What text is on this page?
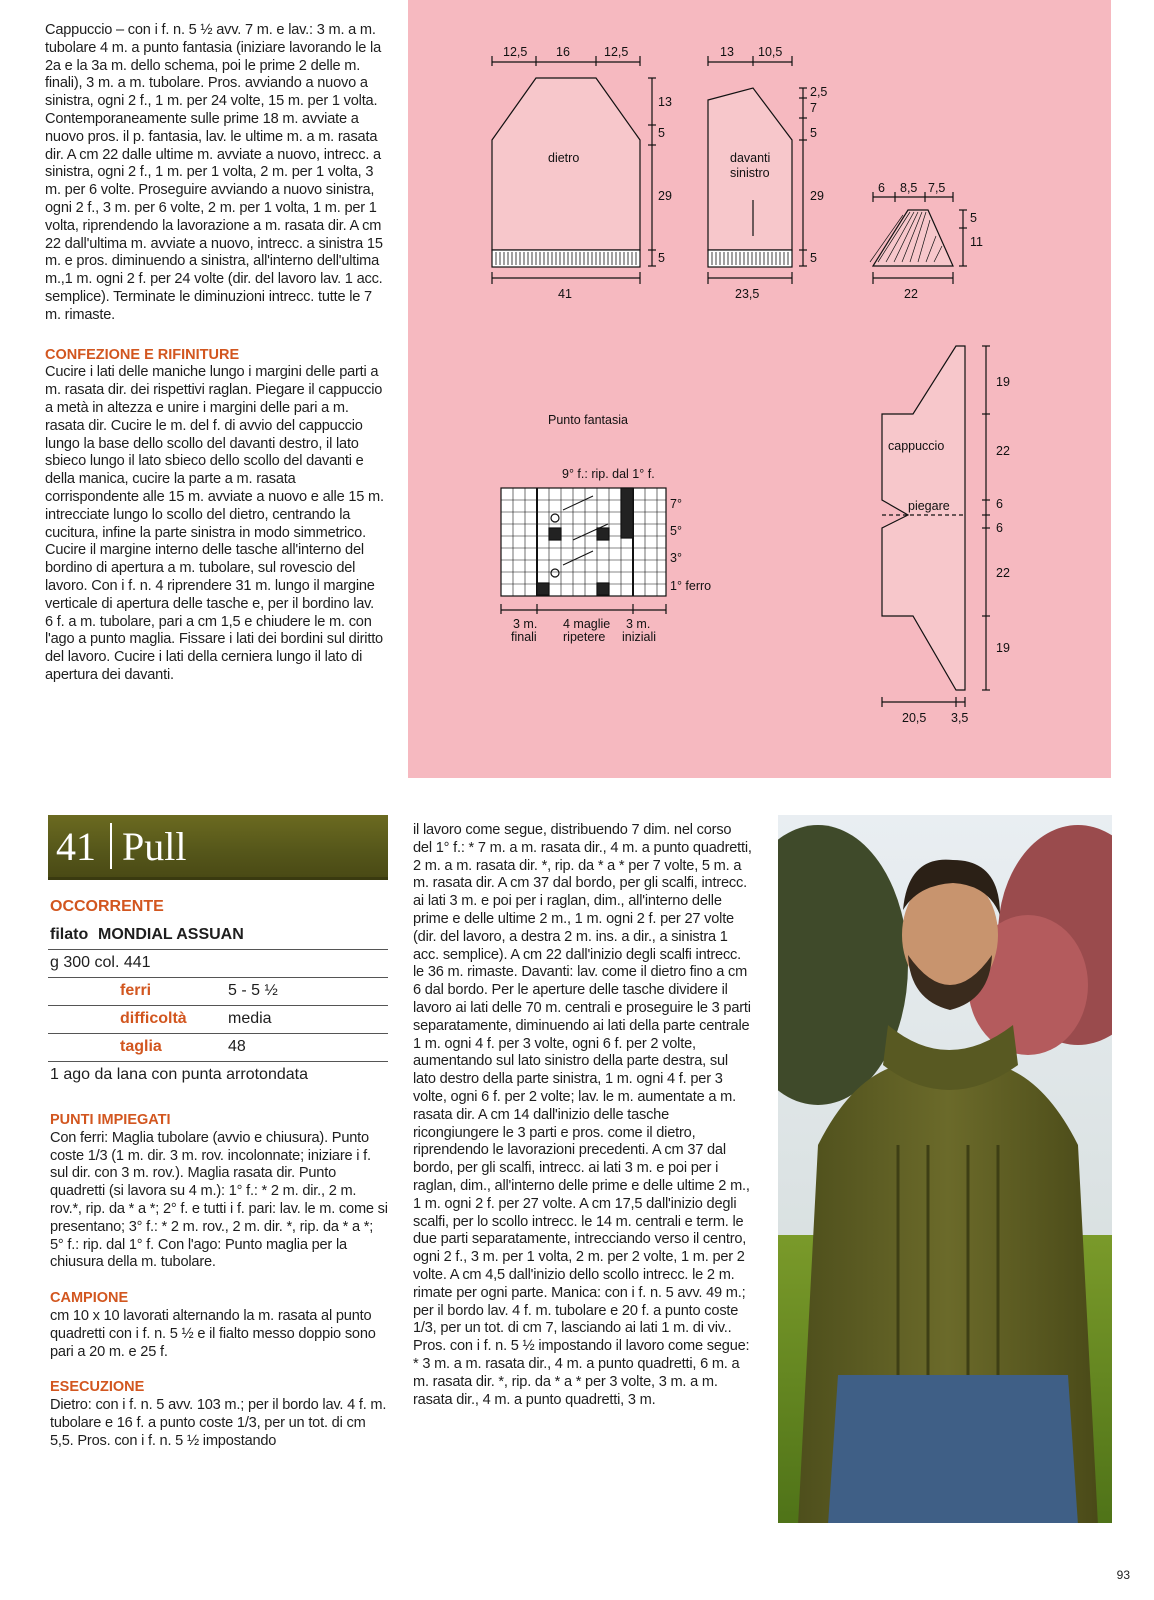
Cappuccio – con i f. n. 5 ½ avv. 7 m. e lav.: 3 m. a m. tubolare 4 m. a punto fantasia (iniziare lavorando le la 2a e la 3a m. dello schema, poi le prime 2 delle m. finali), 3 m. a m. tubolare. Pros. avviando a nuovo a sinistra, ogni 2 f., 1 m. per 24 volte, 15 m. per 1 volta. Contemporaneamente sulle prime 18 m. avviate a nuovo pros. il p. fantasia, lav. le ultime m. a m. rasata dir. A cm 22 dalle ultime m. avviate a nuovo, intrecc. a sinistra, ogni 2 f., 1 m. per 1 volta, 2 m. per 1 volta, 3 m. per 6 volte. Proseguire avviando a nuovo sinistra, ogni 2 f., 3 m. per 6 volte, 2 m. per 1 volta, 1 m. per 1 volta, riprendendo la lavorazione a m. rasata dir. A cm 22 dall'ultima m. avviate a nuovo, intrecc. a sinistra 15 m. e pros. diminuendo a sinistra, all'interno dell'ultima m.,1 m. ogni 2 f. per 24 volte (dir. del lavoro lav. 1 acc. semplice). Terminate le diminuzioni intrecc. tutte le 7 m. rimaste.

CONFEZIONE E RIFINITURE

Cucire i lati delle maniche lungo i margini delle parti a m. rasata dir. dei rispettivi raglan. Piegare il cappuccio a metà in altezza e unire i margini delle pari a m. rasata dir. Cucire le m. del f. di avvio del cappuccio lungo la base dello scollo del davanti destro, il lato sbieco lungo il lato sbieco dello scollo del davanti e della manica, cucire la parte a m. rasata corrispondente alle 15 m. avviate a nuovo e alle 15 m. intrecciate lungo lo scollo del dietro, centrando la cucitura, infine la parte sinistra in modo simmetrico. Cucire il margine interno delle tasche all'interno del bordino di apertura a m. tubolare, sul rovescio del lavoro. Con i f. n. 4 riprendere 31 m. lungo il margine verticale di apertura delle tasche e, per il bordino lav. 6 f. a m. tubolare, pari a cm 1,5 e chiudere le m. con l'ago a punto maglia. Fissare i lati dei bordini sul diritto del lavoro. Cucire i lati della cerniera lungo il lato di apertura dei davanti.

12,5 16	12,5
dietro
13
5
29
5
41
13 10,5
davanti
sinistro
2,5
7
5
29
5
23,5
6 8,5 7,5
5
11
22
cappuccio
piegare
19
22
6
6
22
19
20,5 3,5
Punto fantasia
9° f.: rip. dal 1° f.
7°
5°
3°
1° ferro
3 m.
finali
4 maglie
ripetere
3 m.
iniziali
41 Pull

OCCORRENTE

filato MONDIAL ASSUAN
g 300 col. 441
ferri	5 - 5 ½
difficoltà	media
taglia	48
1 ago da lana con punta arrotondata

PUNTI IMPIEGATI

Con ferri: Maglia tubolare (avvio e chiusura). Punto coste 1/3 (1 m. dir. 3 m. rov. incolonnate; iniziare i f. sul dir. con 3 m. rov.). Maglia rasata dir. Punto quadretti (si lavora su 4 m.): 1° f.: * 2 m. dir., 2 m. rov.*, rip. da * a *; 2° f. e tutti i f. pari: lav. le m. come si presentano; 3° f.: * 2 m. rov., 2 m. dir. *, rip. da * a *; 5° f.: rip. dal 1° f. Con l'ago: Punto maglia per la chiusura della m. tubolare.

CAMPIONE

cm 10 x 10 lavorati alternando la m. rasata al punto quadretti con i f. n. 5 ½ e il fialto messo doppio sono pari a 20 m. e 25 f.

ESECUZIONE

Dietro: con i f. n. 5 avv. 103 m.; per il bordo lav. 4 f. m. tubolare e 16 f. a punto coste 1/3, per un tot. di cm 5,5. Pros. con i f. n. 5 ½ impostando

il lavoro come segue, distribuendo 7 dim. nel corso del 1° f.: * 7 m. a m. rasata dir., 4 m. a punto quadretti, 2 m. a m. rasata dir. *, rip. da * a * per 7 volte, 5 m. a m. rasata dir. A cm 37 dal bordo, per gli scalfi, intrecc. ai lati 3 m. e poi per i raglan, dim., all'interno delle prime e delle ultime 2 m., 1 m. ogni 2 f. per 27 volte (dir. del lavoro, a destra 2 m. ins. a dir., a sinistra 1 acc. semplice). A cm 22 dall'inizio degli scalfi intrecc. le 36 m. rimaste. Davanti: lav. come il dietro fino a cm 6 dal bordo. Per le aperture delle tasche dividere il lavoro ai lati delle 70 m. centrali e proseguire le 3 parti separatamente, diminuendo ai lati della parte centrale 1 m. ogni 4 f. per 3 volte, ogni 6 f. per 2 volte, aumentando sul lato sinistro della parte destra, sul lato destro della parte sinistra, 1 m. ogni 4 f. per 3 volte, ogni 6 f. per 2 volte; lav. le m. aumentate a m. rasata dir. A cm 14 dall'inizio delle tasche ricongiungere le 3 parti e pros. come il dietro, riprendendo le lavorazioni precedenti. A cm 37 dal bordo, per gli scalfi, intrecc. ai lati 3 m. e poi per i raglan, dim., all'interno delle prime e delle ultime 2 m., 1 m. ogni 2 f. per 27 volte. A cm 17,5 dall'inizio degli scalfi, per lo scollo intrecc. le 14 m. centrali e term. le due parti separatamente, intrecciando verso il centro, ogni 2 f., 3 m. per 1 volta, 2 m. per 2 volte, 1 m. per 2 volte. A cm 4,5 dall'inizio dello scollo intrecc. le 2 m. rimate per ogni parte. Manica: con i f. n. 5 avv. 49 m.; per il bordo lav. 4 f. m. tubolare e 20 f. a punto coste 1/3, per un tot. di cm 7, lasciando ai lati 1 m. di viv.. Pros. con i f. n. 5 ½ impostando il lavoro come segue: * 3 m. a m. rasata dir., 4 m. a punto quadretti, 6 m. a m. rasata dir. *, rip. da * a * per 3 volte, 3 m. a m. rasata dir., 4 m. a punto quadretti, 3 m.

93
